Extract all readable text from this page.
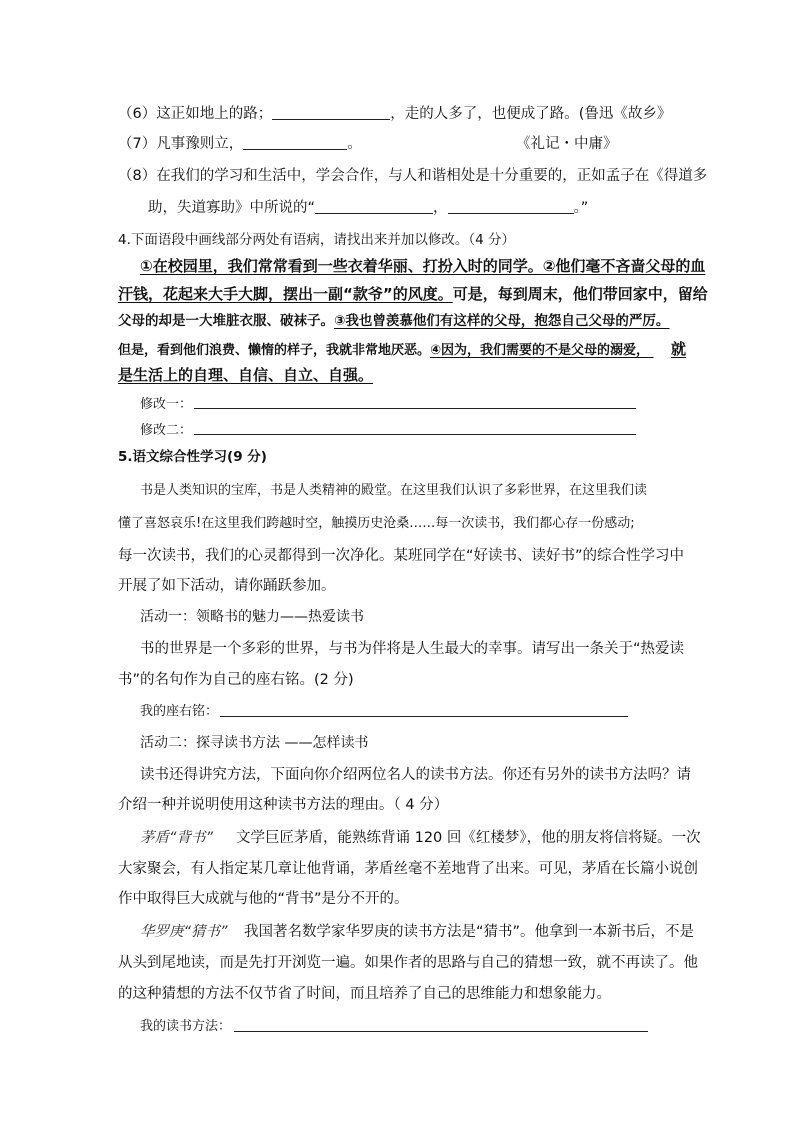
（6）这正如地上的路；	，走的人多了，也便成了路。(鲁迅《故乡》
（7）凡事豫则立，	。	《礼记・中庸》
（8）在我们的学习和生活中，学会合作，与人和谐相处是十分重要的，正如孟子在《得道多
助，失道寡助》中所说的“	，	。”
4.下面语段中画线部分两处有语病，请找出来并加以修改。（4 分）
①在校园里，我们常常看到一些衣着华丽、打扮入时的同学。②他们毫不吝啬父母的血
汗钱，花起来大手大脚，摆出一副“款爷”的风度。可是，每到周末，他们带回家中，留给
父母的却是一大堆脏衣服、破袜子。③我也曾羡慕他们有这样的父母，抱怨自己父母的严厉。
但是，看到他们浪费、懒惰的样子，我就非常地厌恶。④因为，我们需要的不是父母的溺爱， 就
是生活上的自理、自信、自立、自强。
修改一：
修改二：
5.语文综合性学习(9 分)
书是人类知识的宝库，书是人类精神的殿堂。在这里我们认识了多彩世界，在这里我们读
懂了喜怒哀乐!在这里我们跨越时空，触摸历史沧桑……每一次读书，我们都心存一份感动;
每一次读书，我们的心灵都得到一次净化。某班同学在“好读书、读好书”的综合性学习中
开展了如下活动，请你踊跃参加。
活动一：领略书的魅力——热爱读书
书的世界是一个多彩的世界，与书为伴将是人生最大的幸事。请写出一条关于“热爱读
书”的名句作为自己的座右铭。(2 分)
我的座右铭：
活动二：探寻读书方法 ——怎样读书
读书还得讲究方法，下面向你介绍两位名人的读书方法。你还有另外的读书方法吗？请
介绍一种并说明使用这种读书方法的理由。（ 4 分）
茅盾“背书” 文学巨匠茅盾，能熟练背诵 120 回《红楼梦》，他的朋友将信将疑。一次
大家聚会，有人指定某几章让他背诵，茅盾丝毫不差地背了出来。可见，茅盾在长篇小说创
作中取得巨大成就与他的“背书”是分不开的。
华罗庚“猜书” 我国著名数学家华罗庚的读书方法是“猜书”。他拿到一本新书后，不是
从头到尾地读，而是先打开浏览一遍。如果作者的思路与自己的猜想一致，就不再读了。他
的这种猜想的方法不仅节省了时间，而且培养了自己的思维能力和想象能力。
我的读书方法：
